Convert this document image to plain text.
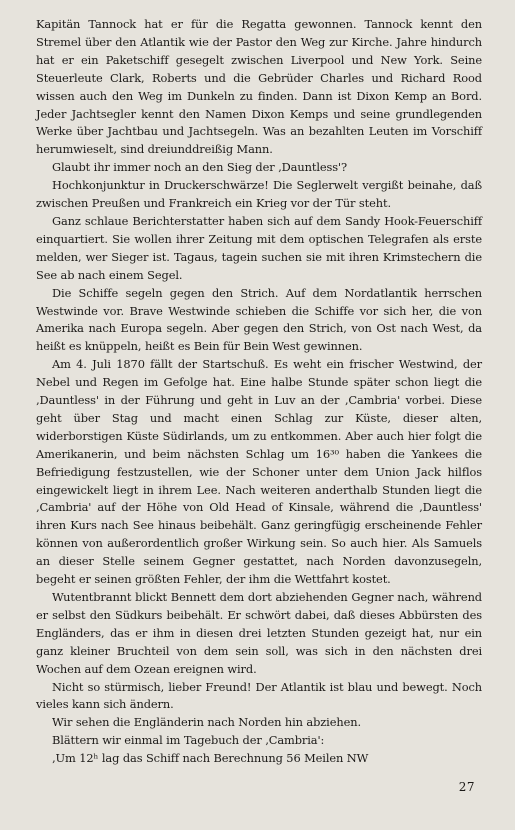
Kapitän Tannock hat er für die Regatta gewonnen. Tannock kennt den Stremel über den Atlantik wie der Pastor den Weg zur Kirche. Jahre hindurch hat er ein Paketschiff gesegelt zwischen Liverpool und New York. Seine Steuerleute Clark, Roberts und die Gebrüder Charles und Richard Rood wissen auch den Weg im Dunkeln zu finden. Dann ist Dixon Kemp an Bord. Jeder Jachtsegler kennt den Namen Dixon Kemps und seine grundlegenden Werke über Jachtbau und Jachtsegeln. Was an bezahlten Leuten im Vorschiff herumwieselt, sind dreiunddreißig Mann.

Glaubt ihr immer noch an den Sieg der ‚Dauntless'?

Hochkonjunktur in Druckerschwärze! Die Seglerwelt vergißt beinahe, daß zwischen Preußen und Frankreich ein Krieg vor der Tür steht.

Ganz schlaue Berichterstatter haben sich auf dem Sandy Hook-Feuerschiff einquartiert. Sie wollen ihrer Zeitung mit dem optischen Telegrafen als erste melden, wer Sieger ist. Tagaus, tagein suchen sie mit ihren Krimstechern die See ab nach einem Segel.

Die Schiffe segeln gegen den Strich. Auf dem Nordatlantik herrschen Westwinde vor. Brave Westwinde schieben die Schiffe vor sich her, die von Amerika nach Europa segeln. Aber gegen den Strich, von Ost nach West, da heißt es knüppeln, heißt es Bein für Bein West gewinnen.

Am 4. Juli 1870 fällt der Startschuß. Es weht ein frischer Westwind, der Nebel und Regen im Gefolge hat. Eine halbe Stunde später schon liegt die ‚Dauntless' in der Führung und geht in Luv an der ‚Cambria' vorbei. Diese geht über Stag und macht einen Schlag zur Küste, dieser alten, widerborstigen Küste Südirlands, um zu entkommen. Aber auch hier folgt die Amerikanerin, und beim nächsten Schlag um 16³⁰ haben die Yankees die Befriedigung festzustellen, wie der Schoner unter dem Union Jack hilflos eingewickelt liegt in ihrem Lee. Nach weiteren anderthalb Stunden liegt die ‚Cambria' auf der Höhe von Old Head of Kinsale, während die ‚Dauntless' ihren Kurs nach See hinaus beibehält. Ganz geringfügig erscheinende Fehler können von außerordentlich großer Wirkung sein. So auch hier. Als Samuels an dieser Stelle seinem Gegner gestattet, nach Norden davonzusegeln, begeht er seinen größten Fehler, der ihm die Wettfahrt kostet.

Wutentbrannt blickt Bennett dem dort abziehenden Gegner nach, während er selbst den Südkurs beibehält. Er schwört dabei, daß dieses Abbürsten des Engländers, das er ihm in diesen drei letzten Stunden gezeigt hat, nur ein ganz kleiner Bruchteil von dem sein soll, was sich in den nächsten drei Wochen auf dem Ozean ereignen wird.

Nicht so stürmisch, lieber Freund! Der Atlantik ist blau und bewegt. Noch vieles kann sich ändern.

Wir sehen die Engländerin nach Norden hin abziehen.

Blättern wir einmal im Tagebuch der ‚Cambria':

‚Um 12ʰ lag das Schiff nach Berechnung 56 Meilen NW

27
